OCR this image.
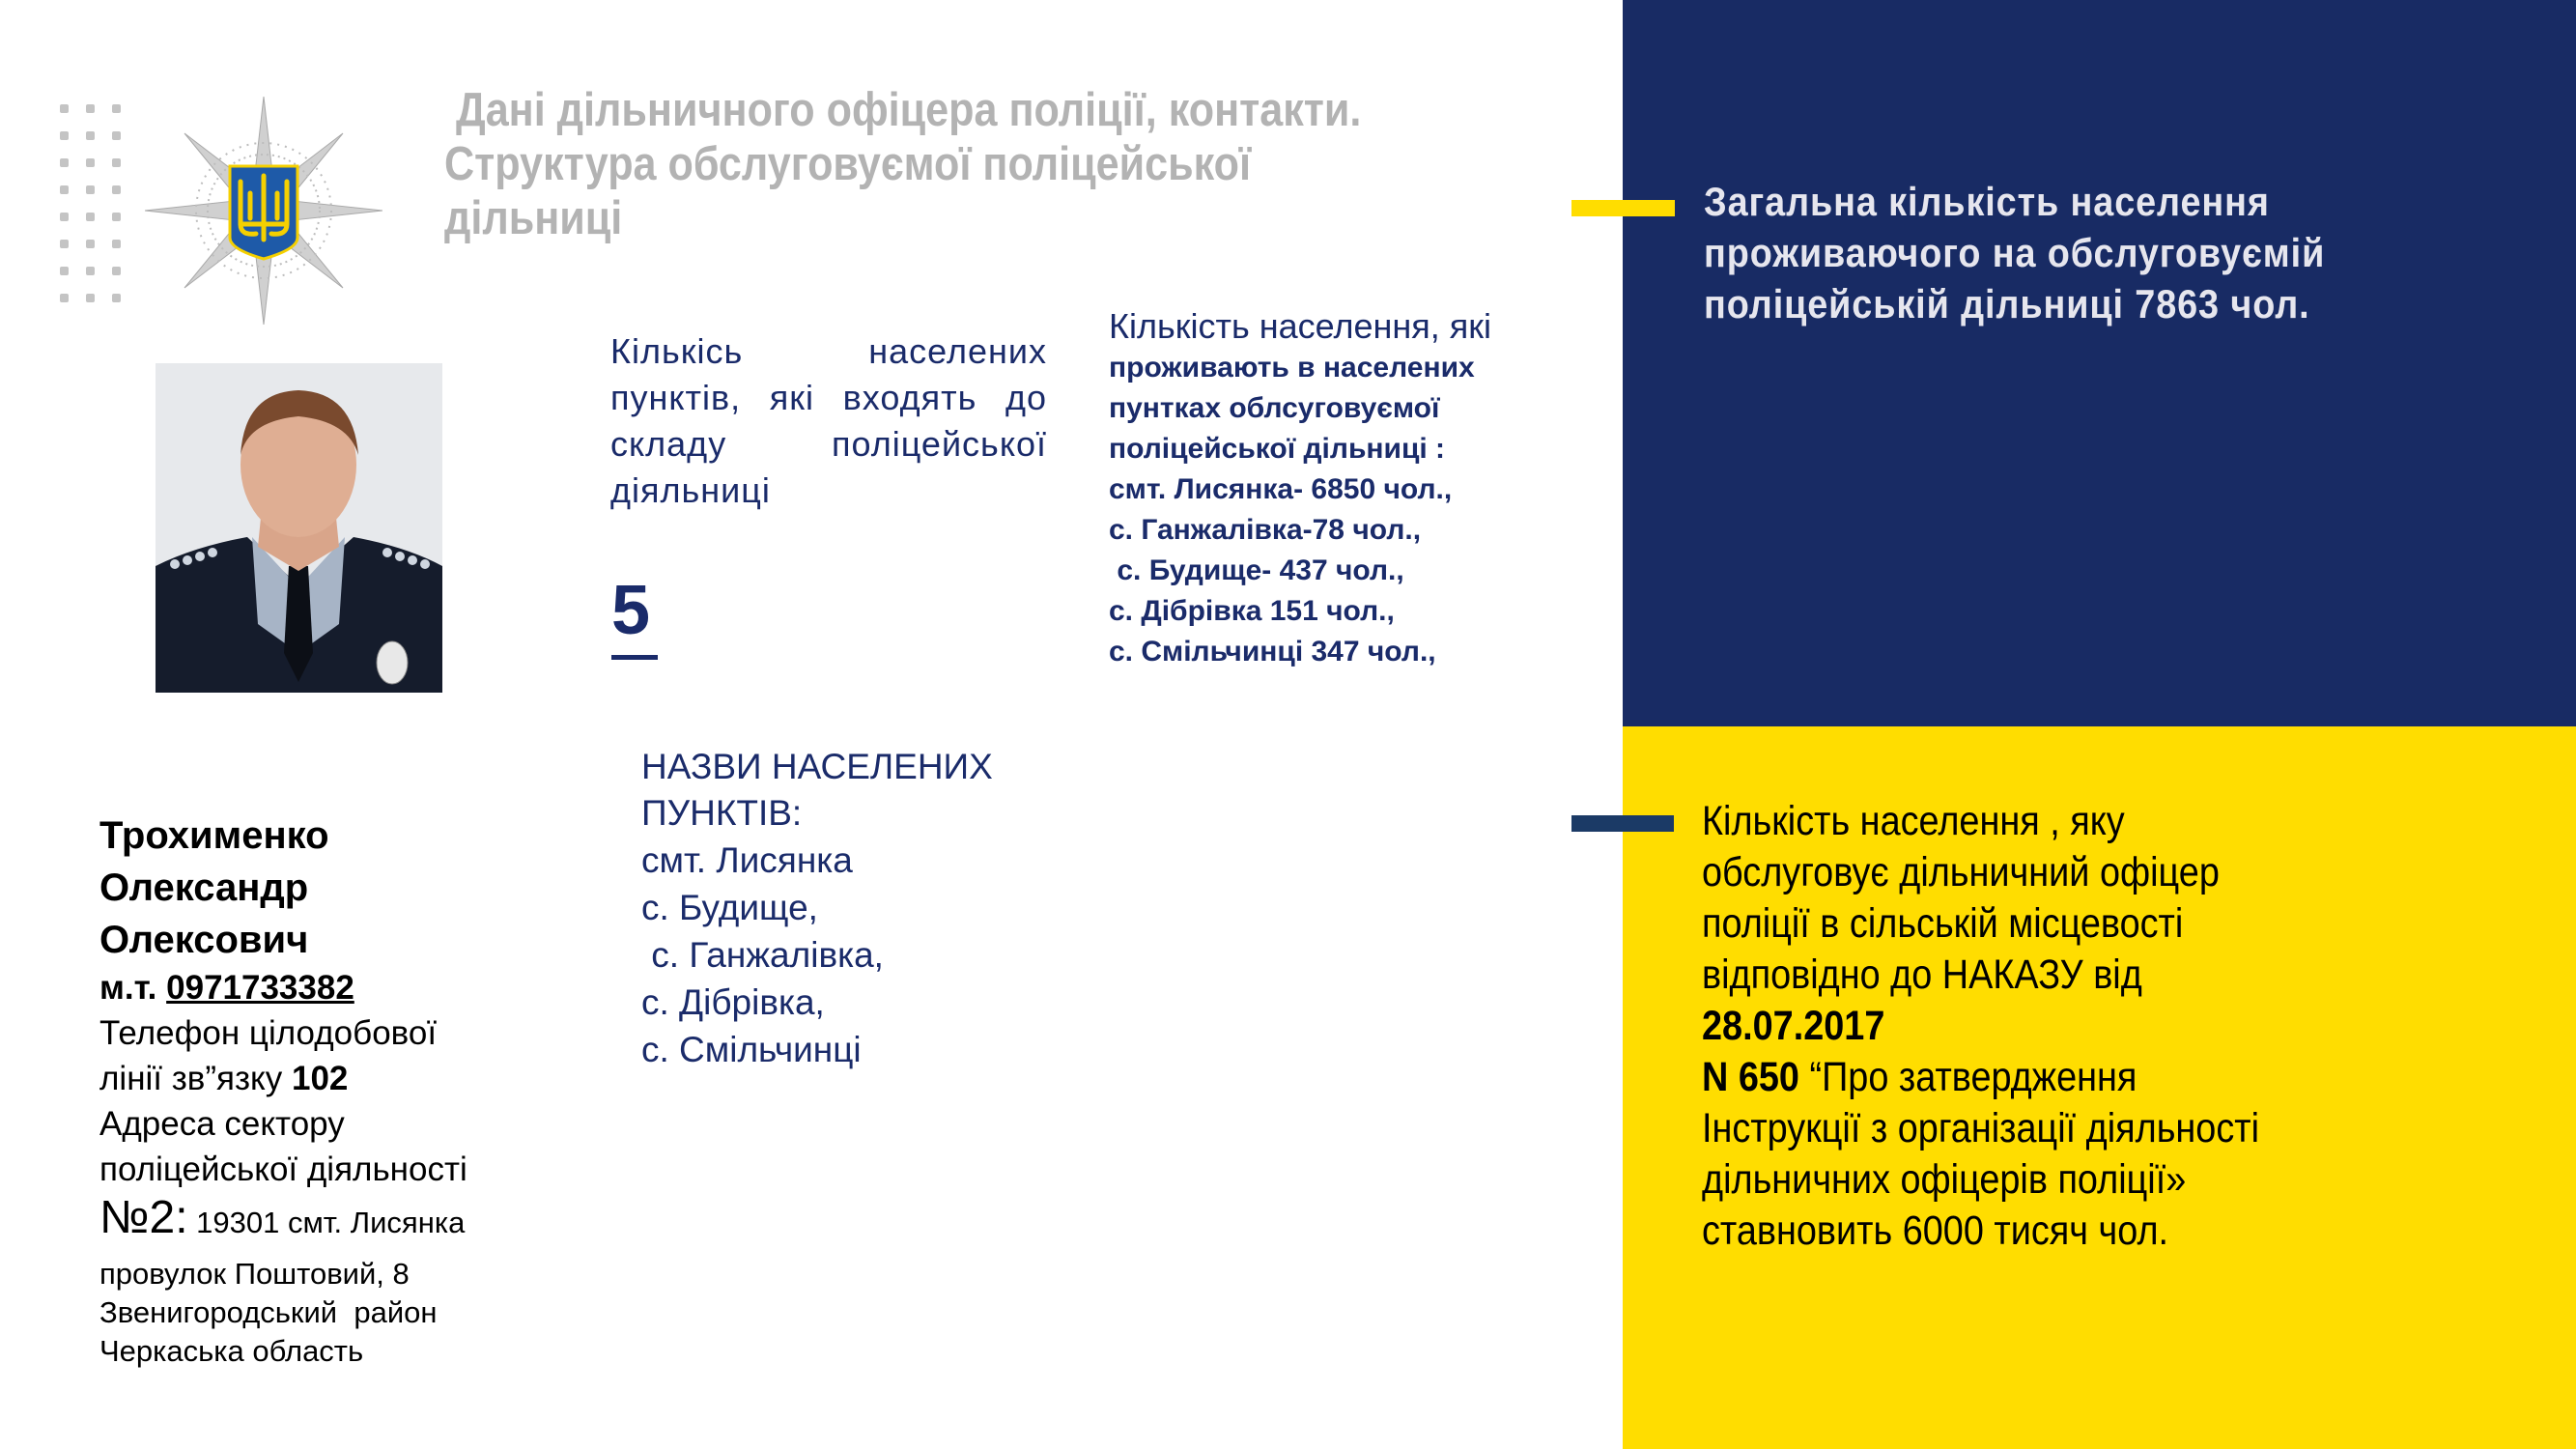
Дані дільничного офіцера поліції, контакти.
Структура обслуговуємої поліцейської
дільниці
Кількісь населених пунктів, які входять до складу поліцейської діяльниці
5
Кількість населення, які
проживають в населених
пунтках облсуговуємої
поліцейської дільниці :
смт. Лисянка- 6850 чол.,
с. Ганжалівка-78 чол.,
с. Будище- 437 чол.,
с. Дібрівка 151 чол.,
с. Смільчинці 347 чол.,
НАЗВИ НАСЕЛЕНИХ
ПУНКТІВ:
смт. Лисянка
с. Будище,
с. Ганжалівка,
с. Дібрівка,
с. Смільчинці
Трохименко
Олександр
Олексович
м.т. 0971733382
Телефон цілодобової
лінії зв”язку 102
Адреса сектору
поліцейської діяльності
№2: 19301 смт. Лисянка
провулок Поштовий, 8
Звенигородський  район
Черкаська область
Загальна кількість населення
проживаючого на обслуговуємій
поліцейській дільниці 7863 чол.
Кількість населення , яку
обслуговує дільничний офіцер
поліції в сільській місцевості
відповідно до НАКАЗУ від
28.07.2017
N 650 “Про затвердження
Інструкції з організації діяльності
дільничних офіцерів поліції»
ставновить 6000 тисяч чол.
